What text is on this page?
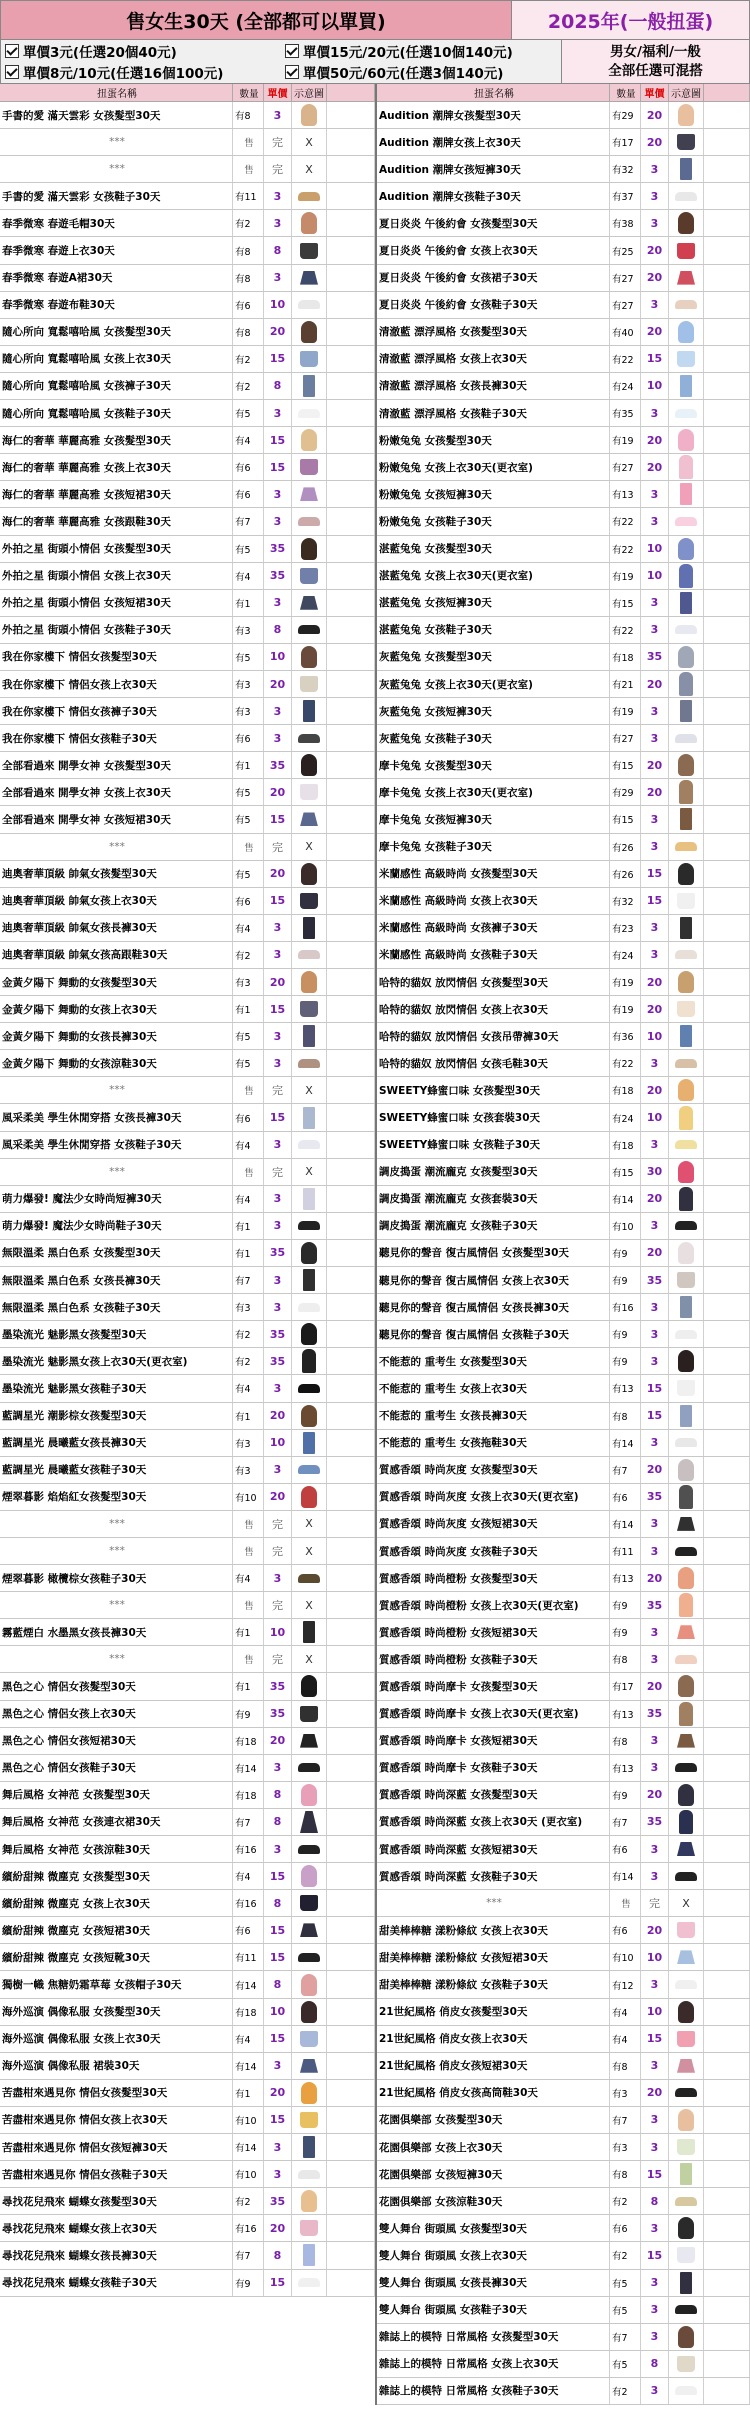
售女生30天 (全部都可以單買)	2025年(一般扭蛋)
單價3元(任選20個40元)	單價15元/20元(任選10個140元)
單價8元/10元(任選16個100元)	單價50元/60元(任選3個140元)
男女/福利/一般
全部任選可混搭
扭蛋名稱	數量 單價 示意圖
手書的愛 滿天雲彩 女孩髮型30天	有8	3
***	售	完	X
***	售	完	X
手書的愛 滿天雲彩 女孩鞋子30天	有11	3
春季微寒 春遊毛帽30天	有2	3
春季微寒 春遊上衣30天	有8	8
春季微寒 春遊A裙30天	有8	3
春季微寒 春遊布鞋30天	有6	10
隨心所向 寬鬆嘻哈風 女孩髮型30天	有8	20
隨心所向 寬鬆嘻哈風 女孩上衣30天	有2	15
隨心所向 寬鬆嘻哈風 女孩褲子30天	有2	8
隨心所向 寬鬆嘻哈風 女孩鞋子30天	有5	3
海仁的奢華 華麗高雅 女孩髮型30天	有4	15
海仁的奢華 華麗高雅 女孩上衣30天	有6	15
海仁的奢華 華麗高雅 女孩短裙30天	有6	3
海仁的奢華 華麗高雅 女孩跟鞋30天	有7	3
外拍之星 街頭小情侶 女孩髮型30天	有5	35
外拍之星 街頭小情侶 女孩上衣30天	有4	35
外拍之星 街頭小情侶 女孩短裙30天	有1	3
外拍之星 街頭小情侶 女孩鞋子30天	有3	8
我在你家樓下 情侶女孩髮型30天	有5	10
我在你家樓下 情侶女孩上衣30天	有3	20
我在你家樓下 情侶女孩褲子30天	有3	3
我在你家樓下 情侶女孩鞋子30天	有6	3
全部看過來 開學女神 女孩髮型30天	有1	35
全部看過來 開學女神 女孩上衣30天	有5	20
全部看過來 開學女神 女孩短裙30天	有5	15
***	售	完	X
迪奧奢華頂級 帥氣女孩髮型30天	有5	20
迪奧奢華頂級 帥氣女孩上衣30天	有6	15
迪奧奢華頂級 帥氣女孩長褲30天	有4	3
迪奧奢華頂級 帥氣女孩高跟鞋30天	有2	3
金黃夕陽下 舞動的女孩髮型30天	有3	20
金黃夕陽下 舞動的女孩上衣30天	有1	15
金黃夕陽下 舞動的女孩長褲30天	有5	3
金黃夕陽下 舞動的女孩涼鞋30天	有5	3
***	售	完	X
風采柔美 學生休閒穿搭 女孩長褲30天	有6	15
風采柔美 學生休閒穿搭 女孩鞋子30天	有4	3
***	售	完	X
萌力爆發! 魔法少女時尚短褲30天	有4	3
萌力爆發! 魔法少女時尚鞋子30天	有1	3
無限溫柔 黑白色系 女孩髮型30天	有1	35
無限溫柔 黑白色系 女孩長褲30天	有7	3
無限溫柔 黑白色系 女孩鞋子30天	有3	3
墨染流光 魅影黑女孩髮型30天	有2	35
墨染流光 魅影黑女孩上衣30天(更衣室)	有2	35
墨染流光 魅影黑女孩鞋子30天	有4	3
藍調星光 潮影棕女孩髮型30天	有1	20
藍調星光 晨曦藍女孩長褲30天	有3	10
藍調星光 晨曦藍女孩鞋子30天	有3	3
煙翠暮影 焰焰紅女孩髮型30天	有10	20
***	售	完	X
***	售	完	X
煙翠暮影 橄欖棕女孩鞋子30天	有4	3
***	售	完	X
霧藍煙白 水墨黑女孩長褲30天	有1	10
***	售	完	X
黑色之心 情侶女孩髮型30天	有1	35
黑色之心 情侶女孩上衣30天	有9	35
黑色之心 情侶女孩短裙30天	有18	20
黑色之心 情侶女孩鞋子30天	有14	3
舞后風格 女神范 女孩髮型30天	有18	8
舞后風格 女神范 女孩連衣裙30天	有7	8
舞后風格 女神范 女孩涼鞋30天	有16	3
繽紛甜辣 微塵克 女孩髮型30天	有4	15
繽紛甜辣 微塵克 女孩上衣30天	有16	8
繽紛甜辣 微塵克 女孩短裙30天	有6	15
繽紛甜辣 微塵克 女孩短靴30天	有11	15
獨樹一幟 焦糖奶霜草莓 女孩帽子30天	有14	8
海外巡演 偶像私服 女孩髮型30天	有18	10
海外巡演 偶像私服 女孩上衣30天	有4	15
海外巡演 偶像私服 裙裝30天	有14	3
苦盡柑來遇見你 情侶女孩髮型30天	有1	20
苦盡柑來遇見你 情侶女孩上衣30天	有10	15
苦盡柑來遇見你 情侶女孩短褲30天	有14	3
苦盡柑來遇見你 情侶女孩鞋子30天	有10	3
尋找花兒飛來 蝴蝶女孩髮型30天	有2	35
尋找花兒飛來 蝴蝶女孩上衣30天	有16	20
尋找花兒飛來 蝴蝶女孩長褲30天	有7	8
尋找花兒飛來 蝴蝶女孩鞋子30天	有9	15
扭蛋名稱	數量 單價 示意圖
Audition 潮牌女孩髮型30天	有29	20
Audition 潮牌女孩上衣30天	有17	20
Audition 潮牌女孩短褲30天	有32	3
Audition 潮牌女孩鞋子30天	有37	3
夏日炎炎 午後約會 女孩髮型30天	有38	3
夏日炎炎 午後約會 女孩上衣30天	有25	20
夏日炎炎 午後約會 女孩裙子30天	有27	20
夏日炎炎 午後約會 女孩鞋子30天	有27	3
清澈藍 漂浮風格 女孩髮型30天	有40	20
清澈藍 漂浮風格 女孩上衣30天	有22	15
清澈藍 漂浮風格 女孩長褲30天	有24	10
清澈藍 漂浮風格 女孩鞋子30天	有35	3
粉嫩兔兔 女孩髮型30天	有19	20
粉嫩兔兔 女孩上衣30天(更衣室)	有27	20
粉嫩兔兔 女孩短褲30天	有13	3
粉嫩兔兔 女孩鞋子30天	有22	3
湛藍兔兔 女孩髮型30天	有22	10
湛藍兔兔 女孩上衣30天(更衣室)	有19	10
湛藍兔兔 女孩短褲30天	有15	3
湛藍兔兔 女孩鞋子30天	有22	3
灰藍兔兔 女孩髮型30天	有18	35
灰藍兔兔 女孩上衣30天(更衣室)	有21	20
灰藍兔兔 女孩短褲30天	有19	3
灰藍兔兔 女孩鞋子30天	有27	3
摩卡兔兔 女孩髮型30天	有15	20
摩卡兔兔 女孩上衣30天(更衣室)	有29	20
摩卡兔兔 女孩短褲30天	有15	3
摩卡兔兔 女孩鞋子30天	有26	3
米蘭感性 高級時尚 女孩髮型30天	有26	15
米蘭感性 高級時尚 女孩上衣30天	有32	15
米蘭感性 高級時尚 女孩褲子30天	有23	3
米蘭感性 高級時尚 女孩鞋子30天	有24	3
哈特的貓奴 放閃情侶 女孩髮型30天	有19	20
哈特的貓奴 放閃情侶 女孩上衣30天	有19	20
哈特的貓奴 放閃情侶 女孩吊帶褲30天	有36	10
哈特的貓奴 放閃情侶 女孩毛鞋30天	有22	3
SWEETY蜂蜜口味 女孩髮型30天	有18	20
SWEETY蜂蜜口味 女孩套裝30天	有24	10
SWEETY蜂蜜口味 女孩鞋子30天	有18	3
調皮搗蛋 潮流龐克 女孩髮型30天	有15	30
調皮搗蛋 潮流龐克 女孩套裝30天	有14	20
調皮搗蛋 潮流龐克 女孩鞋子30天	有10	3
聽見你的聲音 復古風情侶 女孩髮型30天	有9	20
聽見你的聲音 復古風情侶 女孩上衣30天	有9	35
聽見你的聲音 復古風情侶 女孩長褲30天	有16	3
聽見你的聲音 復古風情侶 女孩鞋子30天	有9	3
不能惹的 重考生 女孩髮型30天	有9	3
不能惹的 重考生 女孩上衣30天	有13	15
不能惹的 重考生 女孩長褲30天	有8	15
不能惹的 重考生 女孩拖鞋30天	有14	3
質感香頌 時尚灰度 女孩髮型30天	有7	20
質感香頌 時尚灰度 女孩上衣30天(更衣室)	有6	35
質感香頌 時尚灰度 女孩短裙30天	有14	3
質感香頌 時尚灰度 女孩鞋子30天	有11	3
質感香頌 時尚橙粉 女孩髮型30天	有13	20
質感香頌 時尚橙粉 女孩上衣30天(更衣室)	有9	35
質感香頌 時尚橙粉 女孩短裙30天	有9	3
質感香頌 時尚橙粉 女孩鞋子30天	有8	3
質感香頌 時尚摩卡 女孩髮型30天	有17	20
質感香頌 時尚摩卡 女孩上衣30天(更衣室)	有13	35
質感香頌 時尚摩卡 女孩短裙30天	有8	3
質感香頌 時尚摩卡 女孩鞋子30天	有13	3
質感香頌 時尚深藍 女孩髮型30天	有9	20
質感香頌 時尚深藍 女孩上衣30天 (更衣室)	有7	35
質感香頌 時尚深藍 女孩短裙30天	有6	3
質感香頌 時尚深藍 女孩鞋子30天	有14	3
***	售	完	X
甜美棒棒糖 漾粉條紋 女孩上衣30天	有6	20
甜美棒棒糖 漾粉條紋 女孩短裙30天	有10	10
甜美棒棒糖 漾粉條紋 女孩鞋子30天	有12	3
21世紀風格 俏皮女孩髮型30天	有4	10
21世紀風格 俏皮女孩上衣30天	有4	15
21世紀風格 俏皮女孩短裙30天	有8	3
21世紀風格 俏皮女孩高筒鞋30天	有3	20
花園俱樂部 女孩髮型30天	有7	3
花園俱樂部 女孩上衣30天	有3	3
花園俱樂部 女孩短褲30天	有8	15
花園俱樂部 女孩涼鞋30天	有2	8
雙人舞台 街頭風 女孩髮型30天	有6	3
雙人舞台 街頭風 女孩上衣30天	有2	15
雙人舞台 街頭風 女孩長褲30天	有5	3
雙人舞台 街頭風 女孩鞋子30天	有5	3
雜誌上的模特 日常風格 女孩髮型30天	有7	3
雜誌上的模特 日常風格 女孩上衣30天	有5	8
雜誌上的模特 日常風格 女孩鞋子30天	有2	3
